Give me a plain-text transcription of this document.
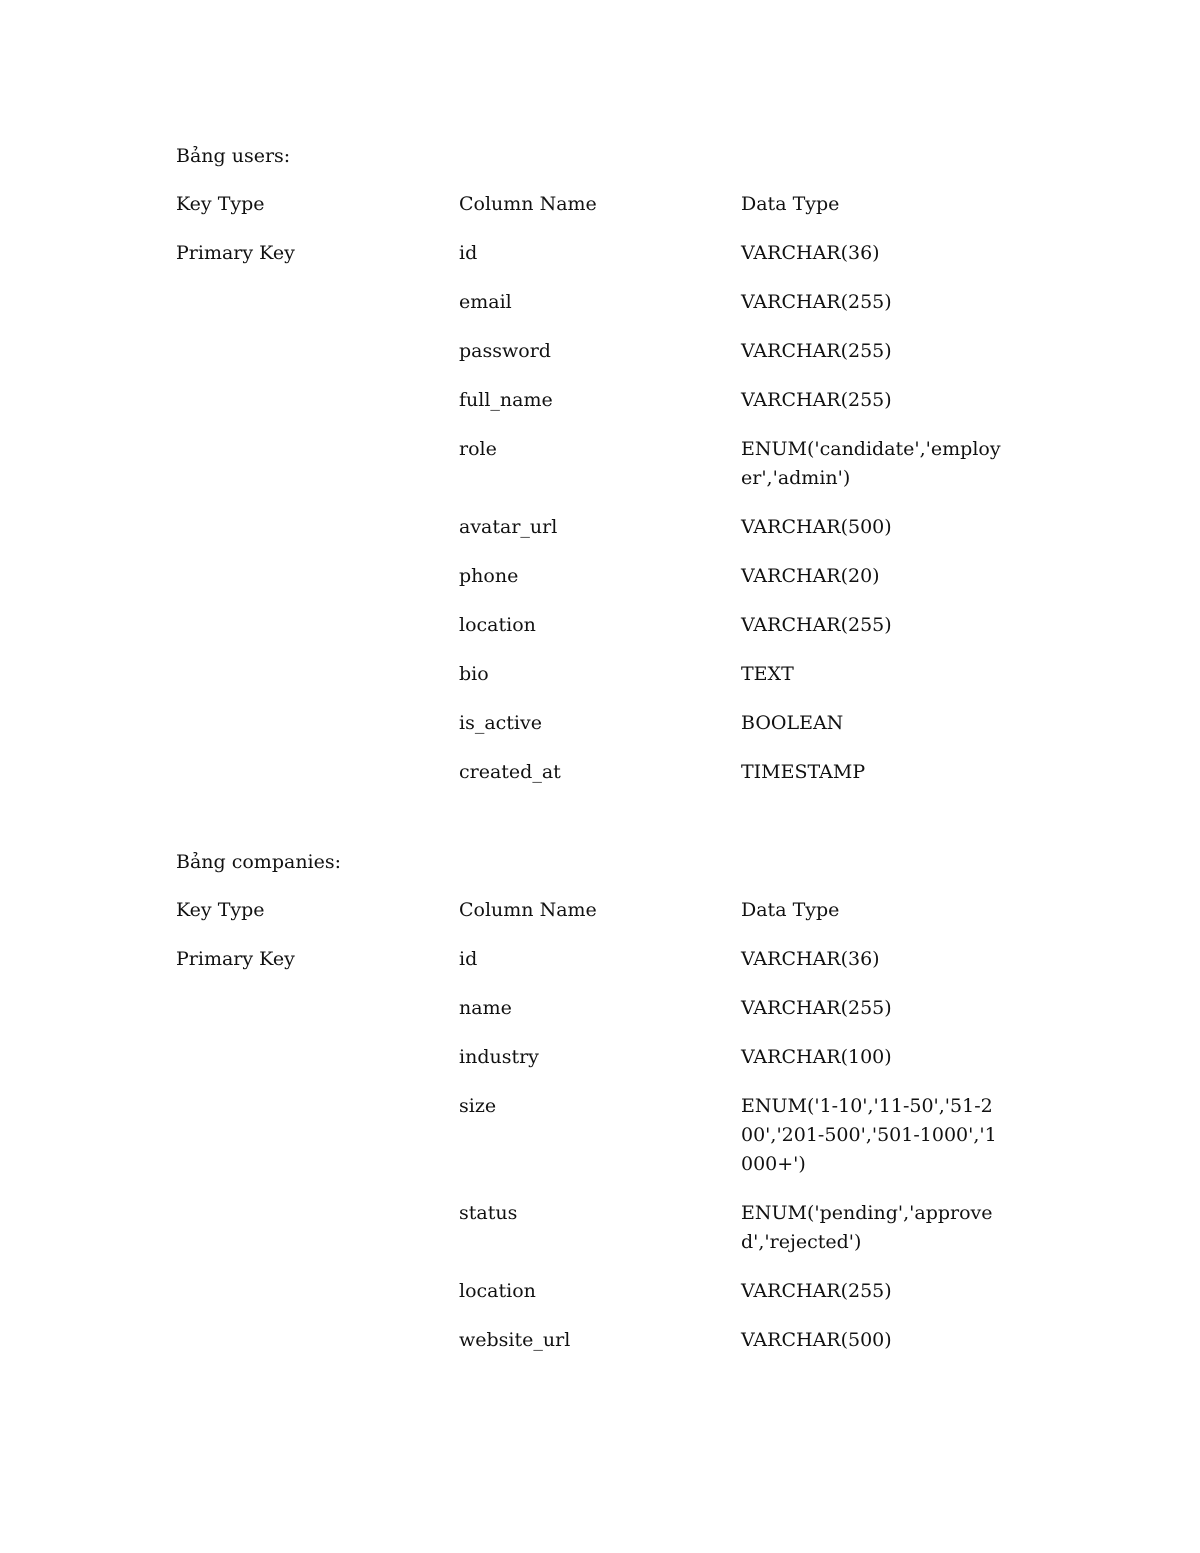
Bảng users:
Key Type	Column Name	Data Type
Primary Key	id	VARCHAR(36)

	email	VARCHAR(255)

	password	VARCHAR(255)

	full_name	VARCHAR(255)

	role	ENUM('candidate','employer','admin')

	avatar_url	VARCHAR(500)

	phone	VARCHAR(20)

	location	VARCHAR(255)

	bio	TEXT

	is_active	BOOLEAN

	created_at	TIMESTAMP
Bảng companies:
Key Type	Column Name	Data Type
Primary Key	id	VARCHAR(36)

	name	VARCHAR(255)

	industry	VARCHAR(100)

	size	ENUM('1-10','11-50','51-200','201-500','501-1000','1000+')

	status	ENUM('pending','approved','rejected')

	location	VARCHAR(255)

	website_url	VARCHAR(500)
